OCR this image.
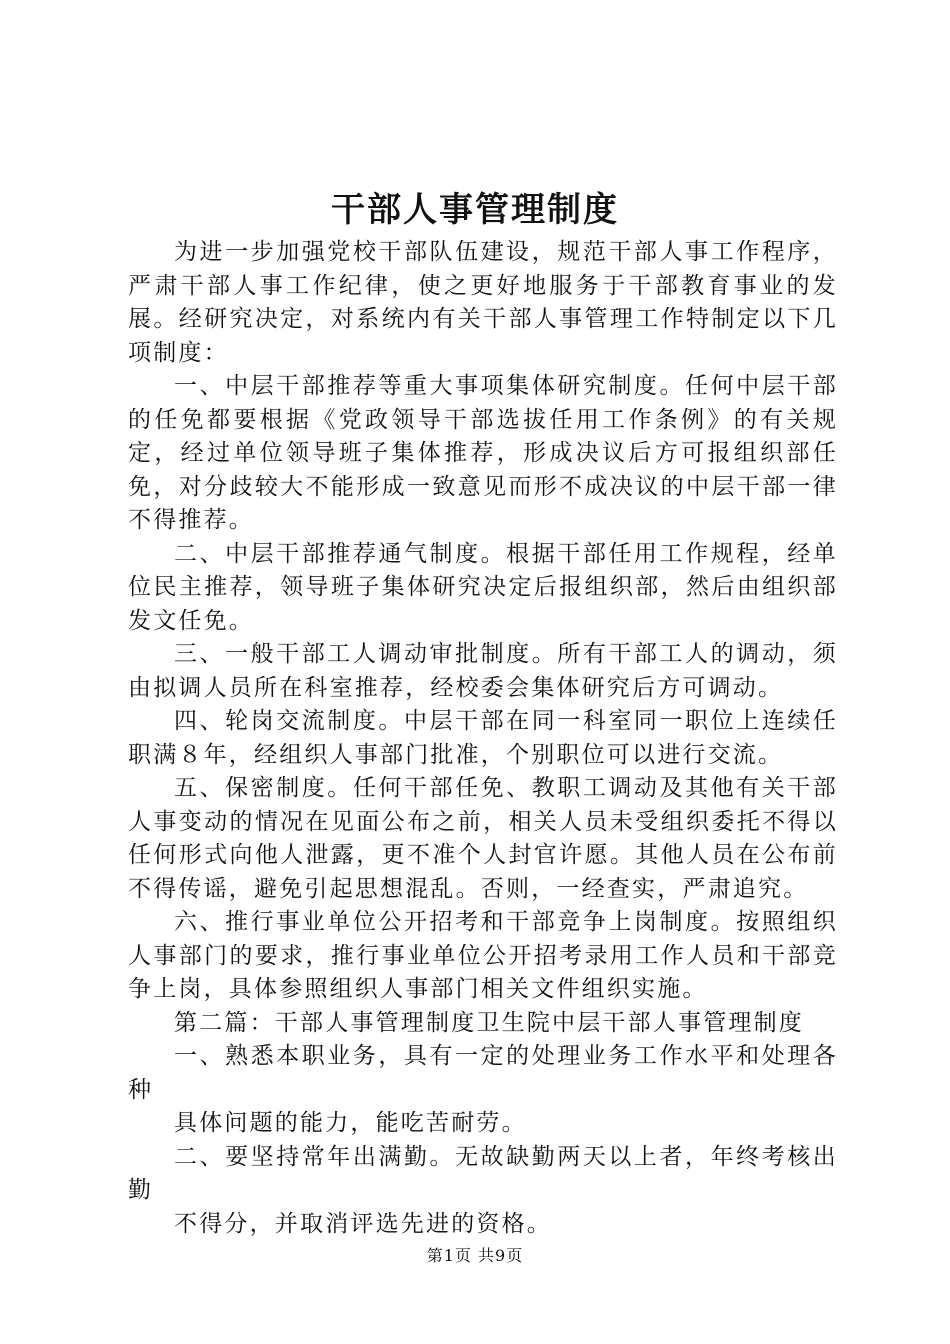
干部人事管理制度

为进一步加强党校干部队伍建设，规范干部人事工作程序，严肃干部人事工作纪律，使之更好地服务于干部教育事业的发展。经研究决定，对系统内有关干部人事管理工作特制定以下几项制度：

一、中层干部推荐等重大事项集体研究制度。任何中层干部的任免都要根据《党政领导干部选拔任用工作条例》的有关规定，经过单位领导班子集体推荐，形成决议后方可报组织部任免，对分歧较大不能形成一致意见而形不成决议的中层干部一律不得推荐。

二、中层干部推荐通气制度。根据干部任用工作规程，经单位民主推荐，领导班子集体研究决定后报组织部，然后由组织部发文任免。

三、一般干部工人调动审批制度。所有干部工人的调动，须由拟调人员所在科室推荐，经校委会集体研究后方可调动。

四、轮岗交流制度。中层干部在同一科室同一职位上连续任职满８年，经组织人事部门批准，个别职位可以进行交流。

五、保密制度。任何干部任免、教职工调动及其他有关干部人事变动的情况在见面公布之前，相关人员未受组织委托不得以任何形式向他人泄露，更不准个人封官许愿。其他人员在公布前不得传谣，避免引起思想混乱。否则，一经查实，严肃追究。

六、推行事业单位公开招考和干部竞争上岗制度。按照组织人事部门的要求，推行事业单位公开招考录用工作人员和干部竞争上岗，具体参照组织人事部门相关文件组织实施。

第二篇：干部人事管理制度卫生院中层干部人事管理制度

一、熟悉本职业务，具有一定的处理业务工作水平和处理各种

具体问题的能力，能吃苦耐劳。

二、要坚持常年出满勤。无故缺勤两天以上者，年终考核出勤

不得分，并取消评选先进的资格。

第1页 共9页
